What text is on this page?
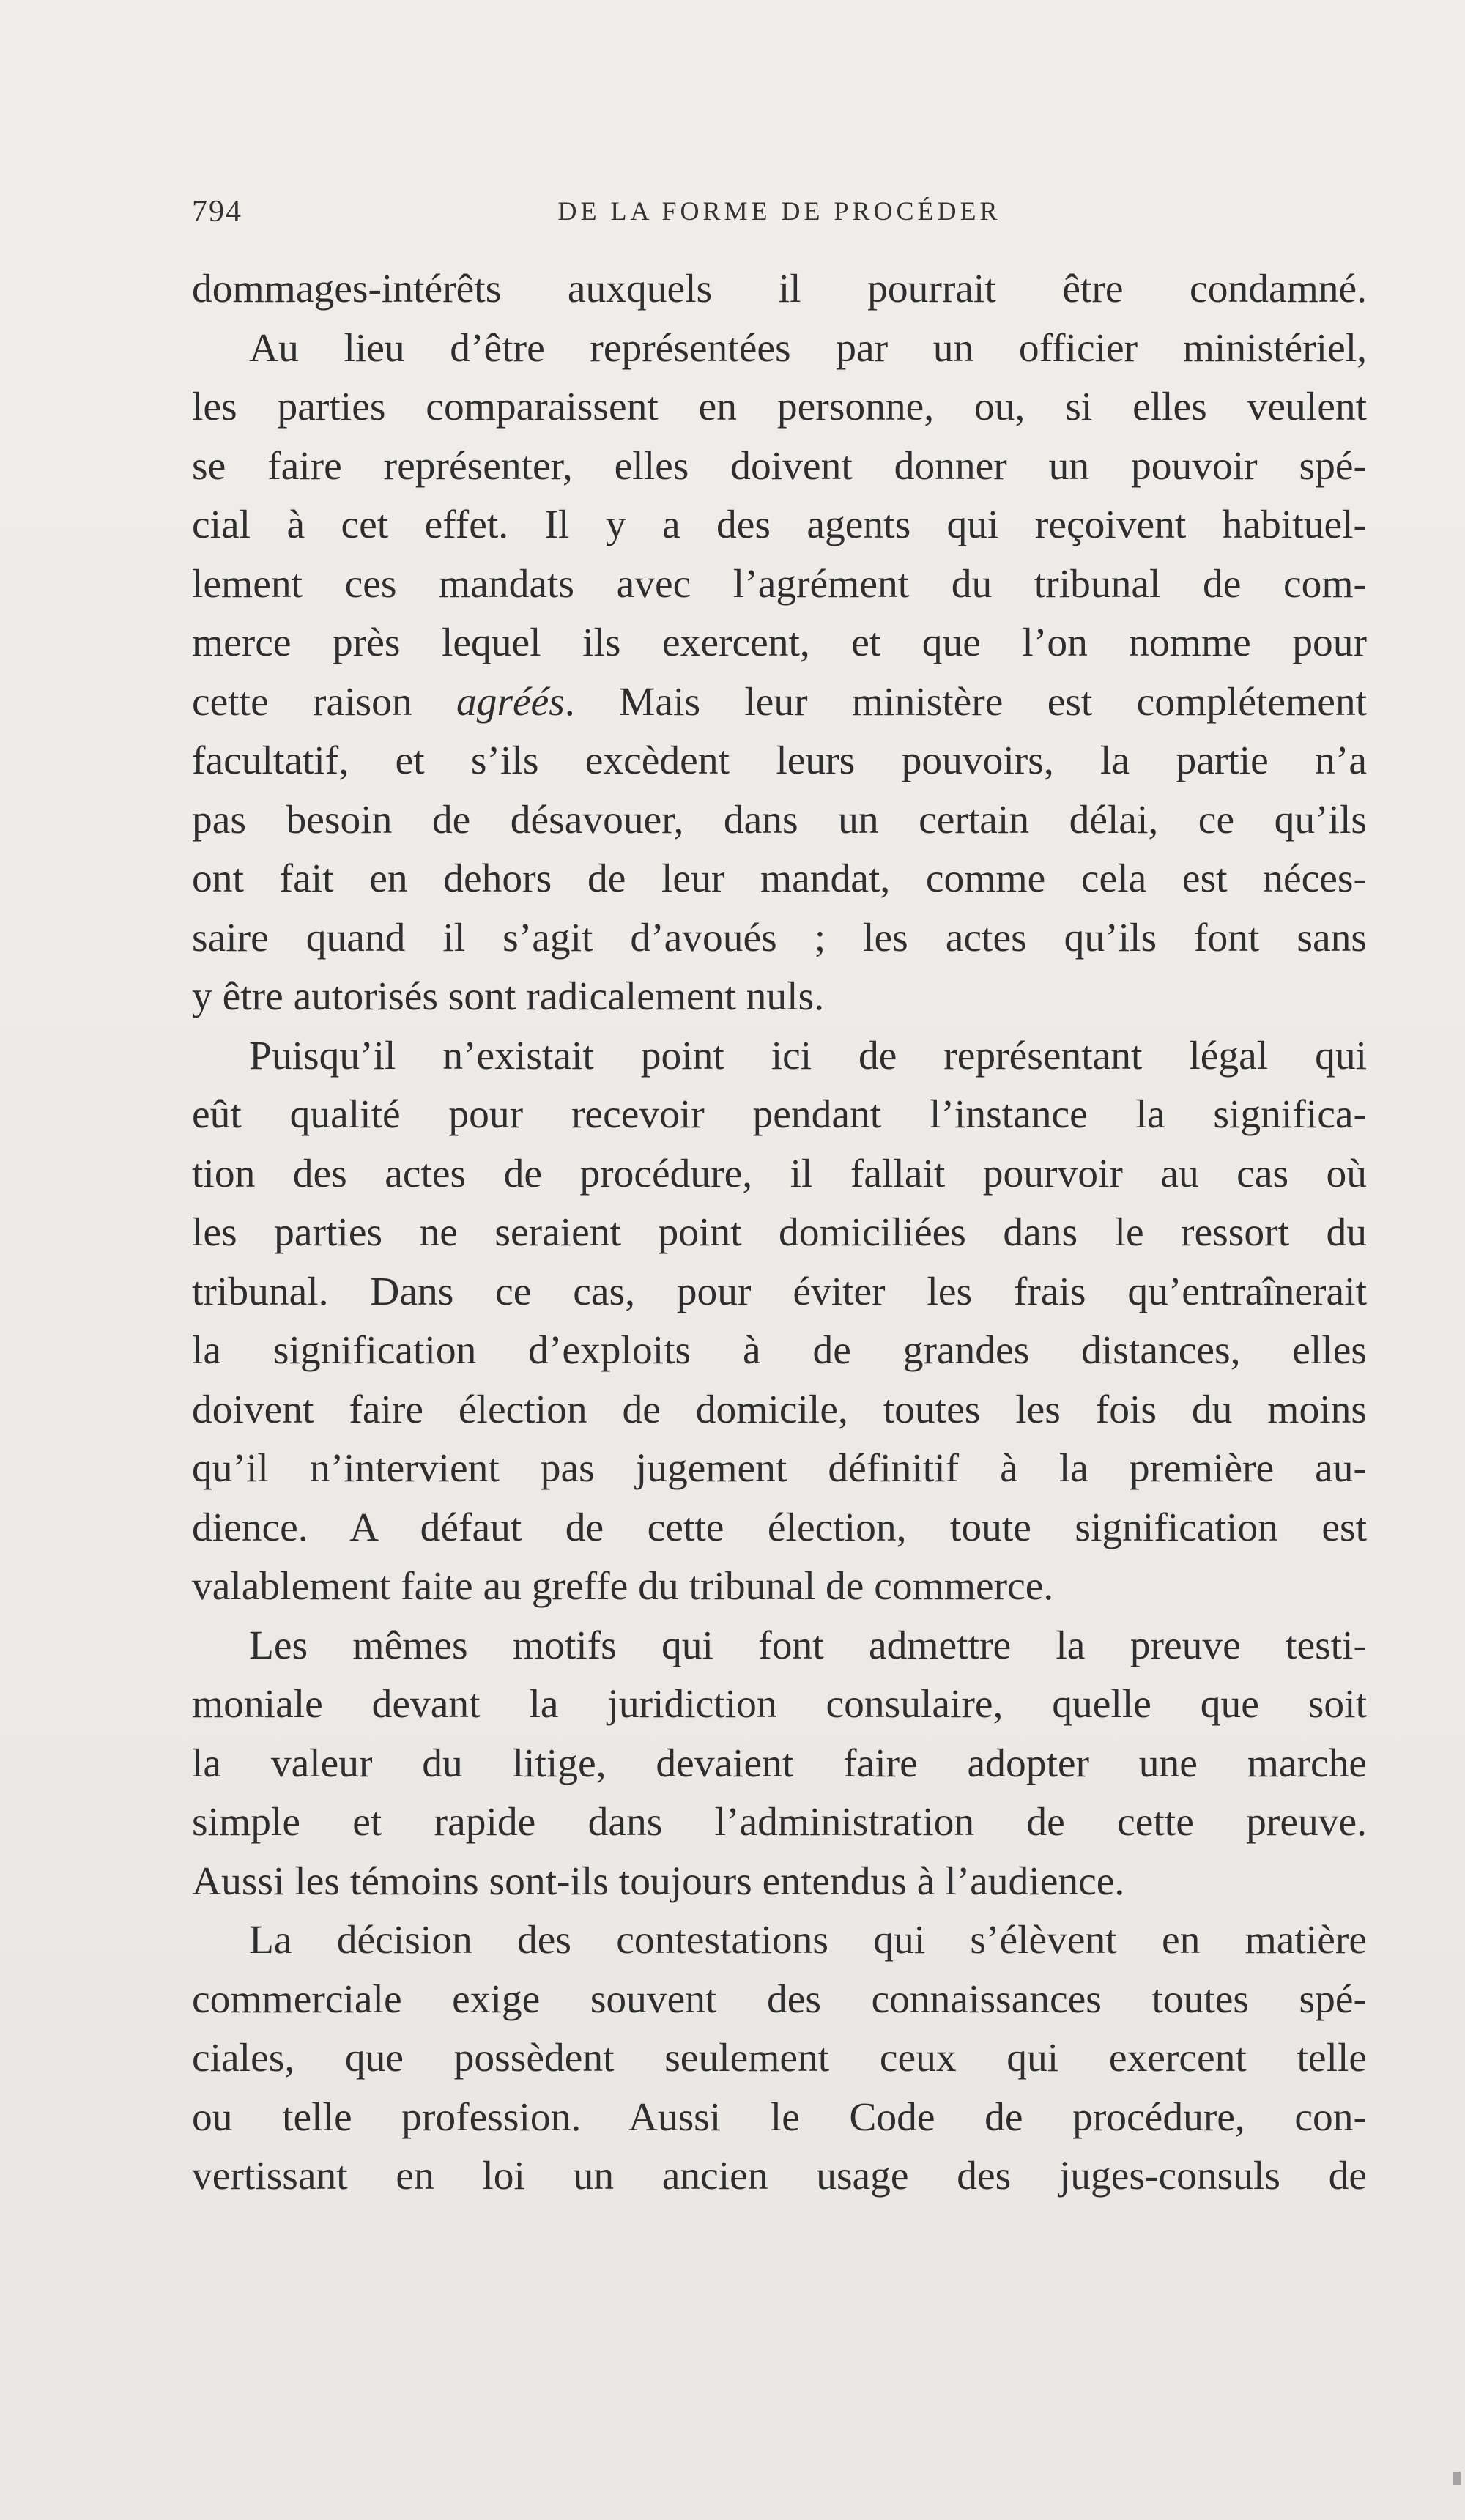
794	DE LA FORME DE PROCÉDER
dommages-intérêts auxquels il pourrait être condamné.
Au lieu d’être représentées par un officier ministériel,
les parties comparaissent en personne, ou, si elles veulent
se faire représenter, elles doivent donner un pouvoir spé-
cial à cet effet. Il y a des agents qui reçoivent habituel-
lement ces mandats avec l’agrément du tribunal de com-
merce près lequel ils exercent, et que l’on nomme pour
cette raison agréés. Mais leur ministère est complétement
facultatif, et s’ils excèdent leurs pouvoirs, la partie n’a
pas besoin de désavouer, dans un certain délai, ce qu’ils
ont fait en dehors de leur mandat, comme cela est néces-
saire quand il s’agit d’avoués ; les actes qu’ils font sans
y être autorisés sont radicalement nuls.
Puisqu’il n’existait point ici de représentant légal qui
eût qualité pour recevoir pendant l’instance la significa-
tion des actes de procédure, il fallait pourvoir au cas où
les parties ne seraient point domiciliées dans le ressort du
tribunal. Dans ce cas, pour éviter les frais qu’entraînerait
la signification d’exploits à de grandes distances, elles
doivent faire élection de domicile, toutes les fois du moins
qu’il n’intervient pas jugement définitif à la première au-
dience. A défaut de cette élection, toute signification est
valablement faite au greffe du tribunal de commerce.
Les mêmes motifs qui font admettre la preuve testi-
moniale devant la juridiction consulaire, quelle que soit
la valeur du litige, devaient faire adopter une marche
simple et rapide dans l’administration de cette preuve.
Aussi les témoins sont-ils toujours entendus à l’audience.
La décision des contestations qui s’élèvent en matière
commerciale exige souvent des connaissances toutes spé-
ciales, que possèdent seulement ceux qui exercent telle
ou telle profession. Aussi le Code de procédure, con-
vertissant en loi un ancien usage des juges-consuls de
